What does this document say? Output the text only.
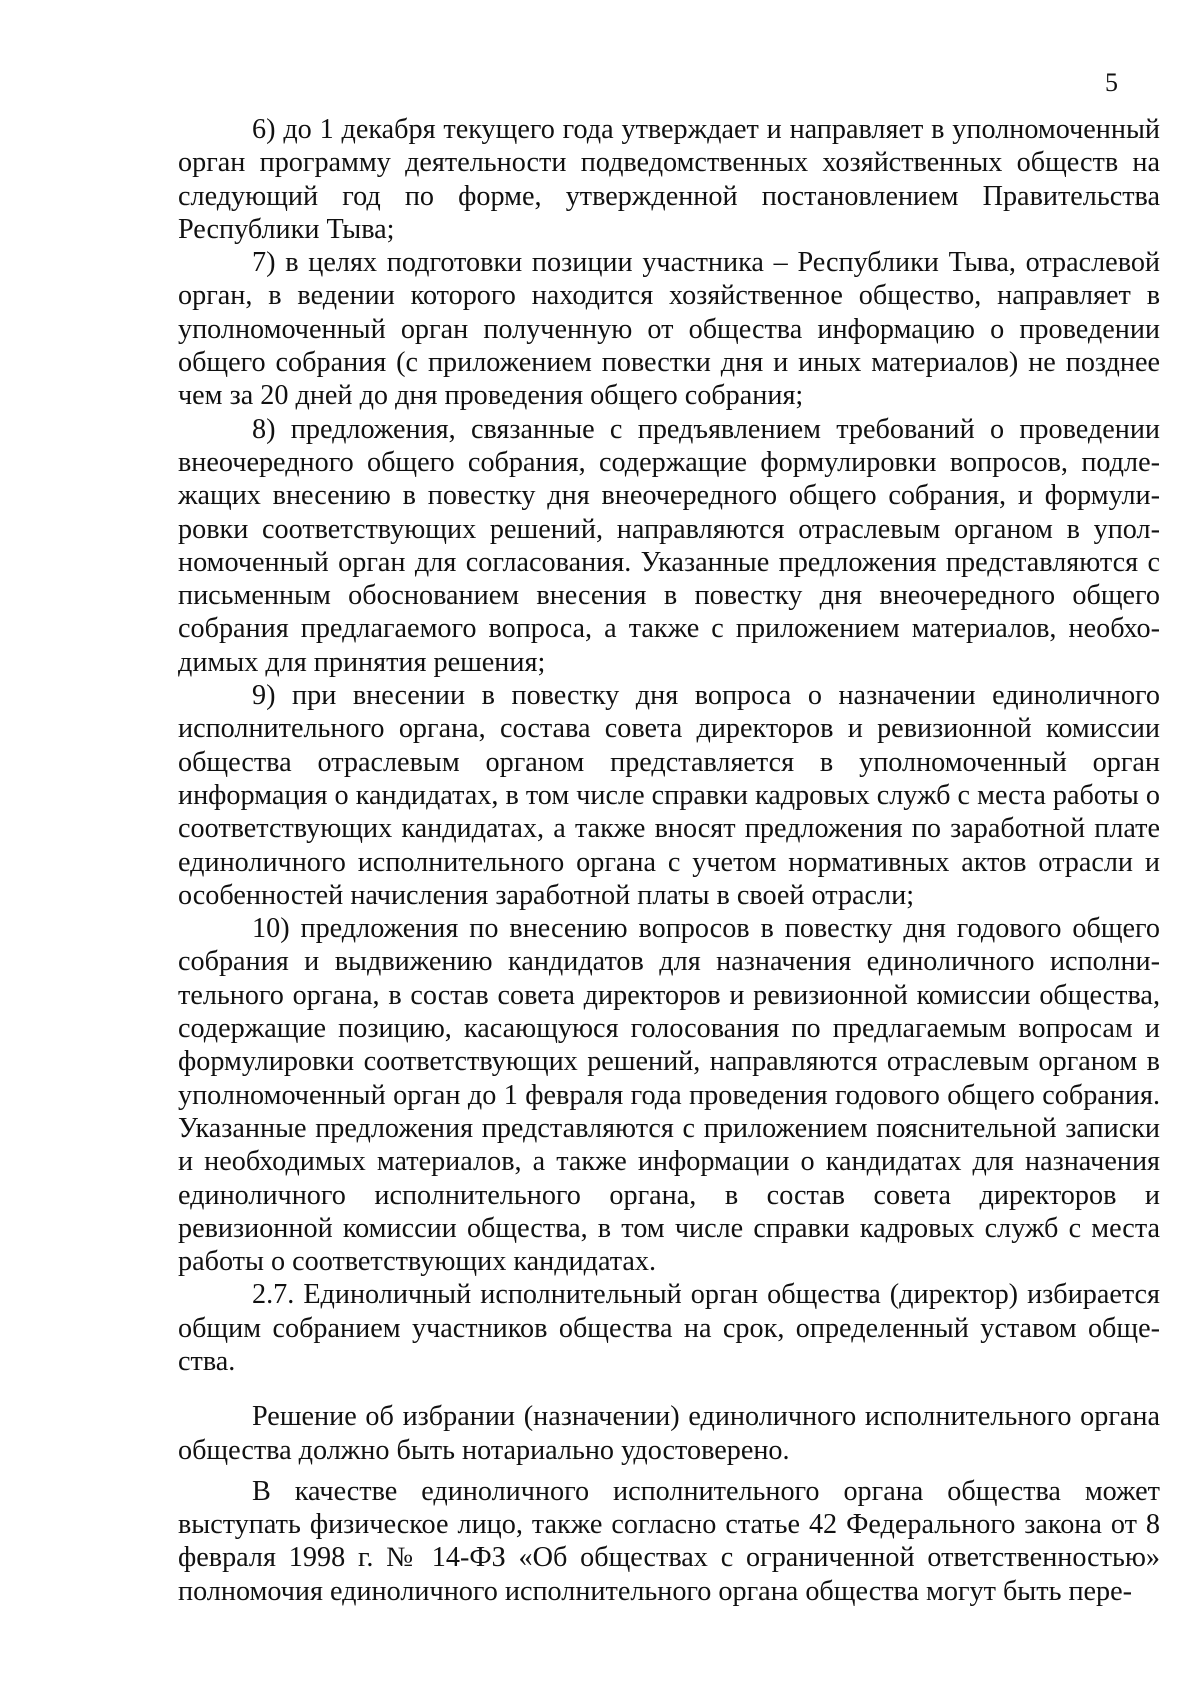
5

6) до 1 декабря текущего года утверждает и направляет в уполномоченный орган программу деятельности подведомственных хозяйственных обществ на следующий год по форме, утвержденной постановлением Правительства Республики Тыва;

7) в целях подготовки позиции участника – Республики Тыва, отраслевой орган, в ведении которого находится хозяйственное общество, направляет в уполномоченный орган полученную от общества информацию о проведении общего собрания (с приложением повестки дня и иных материалов) не позднее чем за 20 дней до дня проведения общего собрания;

8) предложения, связанные с предъявлением требований о проведении внеочередного общего собрания, содержащие формулировки вопросов, подлежащих внесению в повестку дня внеочередного общего собрания, и формулировки соответствующих решений, направляются отраслевым органом в уполномоченный орган для согласования. Указанные предложения представляются с письменным обоснованием внесения в повестку дня внеочередного общего собрания предлагаемого вопроса, а также с приложением материалов, необходимых для принятия решения;

9) при внесении в повестку дня вопроса о назначении единоличного исполнительного органа, состава совета директоров и ревизионной комиссии общества отраслевым органом представляется в уполномоченный орган информация о кандидатах, в том числе справки кадровых служб с места работы о соответствующих кандидатах, а также вносят предложения по заработной плате единоличного исполнительного органа с учетом нормативных актов отрасли и особенностей начисления заработной платы в своей отрасли;

10) предложения по внесению вопросов в повестку дня годового общего собрания и выдвижению кандидатов для назначения единоличного исполнительного органа, в состав совета директоров и ревизионной комиссии общества, содержащие позицию, касающуюся голосования по предлагаемым вопросам и формулировки соответствующих решений, направляются отраслевым органом в уполномоченный орган до 1 февраля года проведения годового общего собрания. Указанные предложения представляются с приложением пояснительной записки и необходимых материалов, а также информации о кандидатах для назначения единоличного исполнительного органа, в состав совета директоров и ревизионной комиссии общества, в том числе справки кадровых служб с места работы о соответствующих кандидатах.

2.7. Единоличный исполнительный орган общества (директор) избирается общим собранием участников общества на срок, определенный уставом общества.

Решение об избрании (назначении) единоличного исполнительного органа общества должно быть нотариально удостоверено.

В качестве единоличного исполнительного органа общества может выступать физическое лицо, также согласно статье 42 Федерального закона от 8 февраля 1998 г. № 14-ФЗ «Об обществах с ограниченной ответственностью» полномочия единоличного исполнительного органа общества могут быть пере-
